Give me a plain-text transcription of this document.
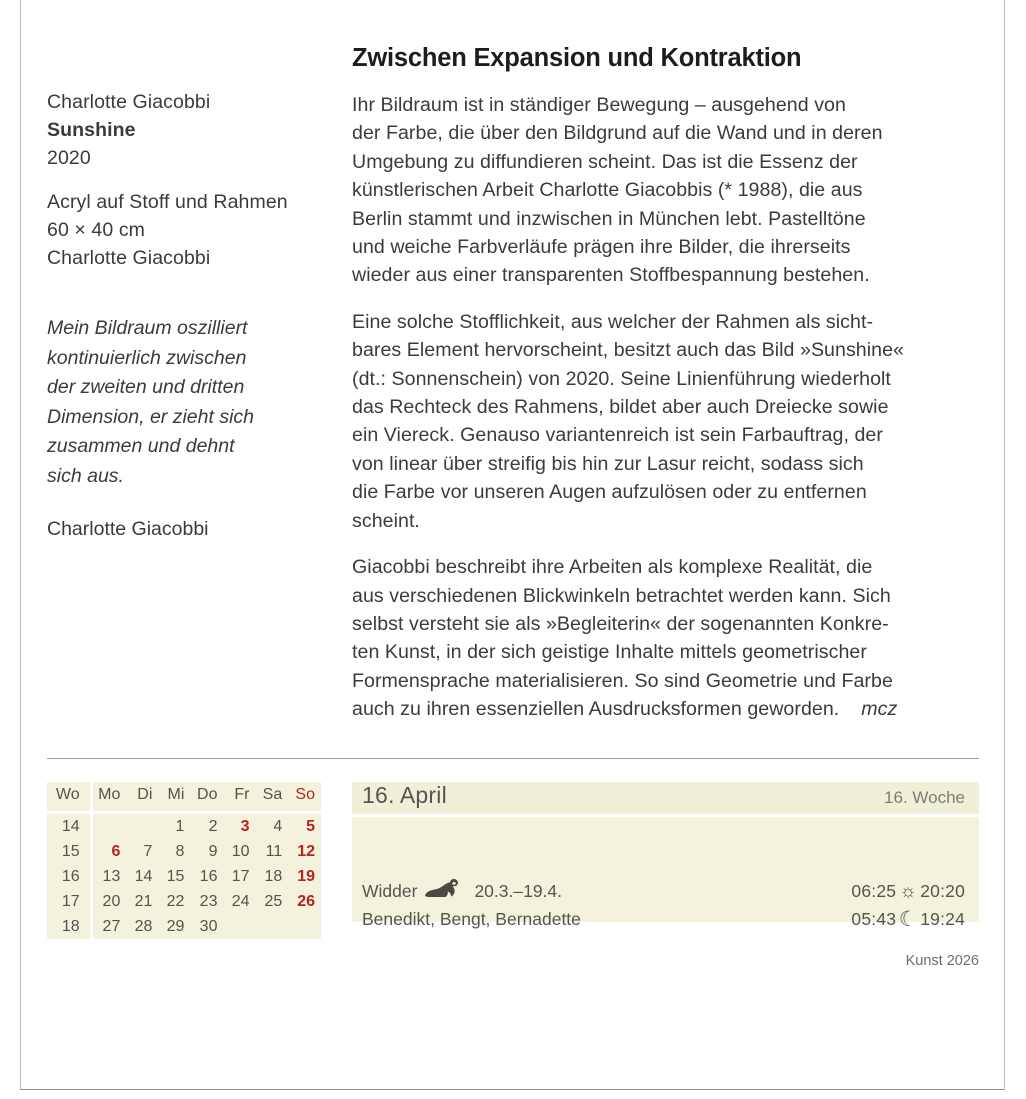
Charlotte Giacobbi
Sunshine
2020
Acryl auf Stoff und Rahmen
60 × 40 cm
Charlotte Giacobbi
Mein Bildraum oszilliert
kontinuierlich zwischen
der zweiten und dritten
Dimension, er zieht sich
zusammen und dehnt
sich aus.
Charlotte Giacobbi
Zwischen Expansion und Kontraktion

Ihr Bildraum ist in ständiger Bewegung – ausgehend von
der Farbe, die über den Bildgrund auf die Wand und in deren
Umgebung zu diffundieren scheint. Das ist die Essenz der
künstlerischen Arbeit Charlotte Giacobbis (* 1988), die aus
Berlin stammt und inzwischen in München lebt. Pastelltöne
und weiche Farbverläufe prägen ihre Bilder, die ihrerseits
wieder aus einer transparenten Stoffbespannung bestehen.

Eine solche Stofflichkeit, aus welcher der Rahmen als sicht-
bares Element hervorscheint, besitzt auch das Bild »Sunshine«
(dt.: Sonnenschein) von 2020. Seine Linienführung wiederholt
das Rechteck des Rahmens, bildet aber auch Dreiecke sowie
ein Viereck. Genauso variantenreich ist sein Farbauftrag, der
von linear über streifig bis hin zur Lasur reicht, sodass sich
die Farbe vor unseren Augen aufzulösen oder zu entfernen
scheint.

Giacobbi beschreibt ihre Arbeiten als komplexe Realität, die
aus verschiedenen Blickwinkeln betrachtet werden kann. Sich
selbst versteht sie als »Begleiterin« der sogenannten Konkre-
ten Kunst, in der sich geistige Inhalte mittels geometrischer
Formensprache materialisieren. So sind Geometrie und Farbe
auch zu ihren essenziellen Ausdrucksformen geworden. mcz

Wo	Mo	Di	Mi	Do	Fr	Sa	So
14			1	2	3	4	5
15	6	7	8	9	10	11	12
16	13	14	15	16	17	18	19
17	20	21	22	23	24	25	26
18	27	28	29	30			
16. April	16. Woche
Widder	20.3.–19.4.	06:25 ☼ 20:20
Benedikt, Bengt, Bernadette	05:43 ☾ 19:24
Kunst 2026
